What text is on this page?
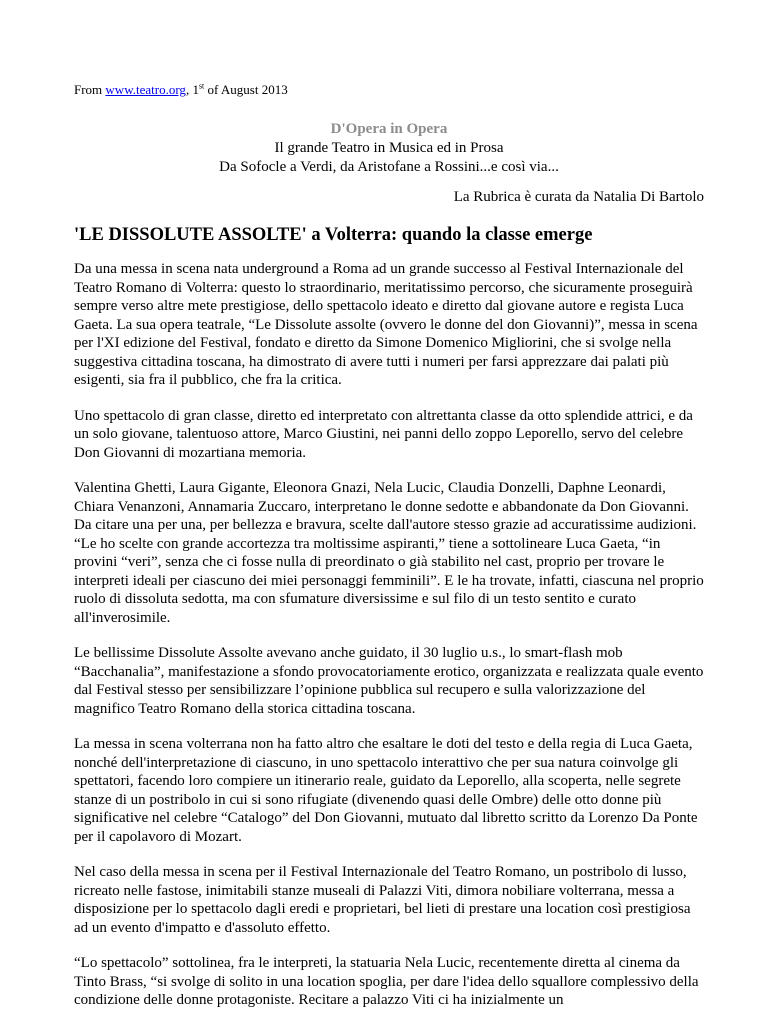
From www.teatro.org, 1st of August 2013

D'Opera in Opera
Il grande Teatro in Musica ed in Prosa
Da Sofocle a Verdi, da Aristofane a Rossini...e così via...

La Rubrica è curata da Natalia Di Bartolo

'LE DISSOLUTE ASSOLTE' a Volterra: quando la classe emerge

Da una messa in scena nata underground a Roma ad un grande successo al Festival Internazionale del Teatro Romano di Volterra: questo lo straordinario, meritatissimo percorso, che sicuramente proseguirà sempre verso altre mete prestigiose, dello spettacolo ideato e diretto dal giovane autore e regista Luca Gaeta. La sua opera teatrale, “Le Dissolute assolte (ovvero le donne del don Giovanni)”, messa in scena per l'XI edizione del Festival, fondato e diretto da Simone Domenico Migliorini, che si svolge nella suggestiva cittadina toscana, ha dimostrato di avere tutti i numeri per farsi apprezzare dai palati più esigenti, sia fra il pubblico, che fra la critica.

Uno spettacolo di gran classe, diretto ed interpretato con altrettanta classe da otto splendide attrici, e da un solo giovane, talentuoso attore, Marco Giustini, nei panni dello zoppo Leporello, servo del celebre Don Giovanni di mozartiana memoria.

Valentina Ghetti, Laura Gigante, Eleonora Gnazi, Nela Lucic, Claudia Donzelli, Daphne Leonardi, Chiara Venanzoni, Annamaria Zuccaro, interpretano le donne sedotte e abbandonate da Don Giovanni. Da citare una per una, per bellezza e bravura, scelte dall'autore stesso grazie ad accuratissime audizioni. “Le ho scelte con grande accortezza tra moltissime aspiranti,” tiene a sottolineare Luca Gaeta, “in provini “veri”, senza che ci fosse nulla di preordinato o già stabilito nel cast, proprio per trovare le interpreti ideali per ciascuno dei miei personaggi femminili”. E le ha trovate, infatti, ciascuna nel proprio ruolo di dissoluta sedotta, ma con sfumature diversissime e sul filo di un testo sentito e curato all'inverosimile.

Le bellissime Dissolute Assolte avevano anche guidato, il 30 luglio u.s., lo smart-flash mob “Bacchanalia”, manifestazione a sfondo provocatoriamente erotico, organizzata e realizzata quale evento dal Festival stesso per sensibilizzare l’opinione pubblica sul recupero e sulla valorizzazione del magnifico Teatro Romano della storica cittadina toscana.

La messa in scena volterrana non ha fatto altro che esaltare le doti del testo e della regia di Luca Gaeta, nonché dell'interpretazione di ciascuno, in uno spettacolo interattivo che per sua natura coinvolge gli spettatori, facendo loro compiere un itinerario reale, guidato da Leporello, alla scoperta, nelle segrete stanze di un postribolo in cui si sono rifugiate (divenendo quasi delle Ombre) delle otto donne più significative nel celebre “Catalogo” del Don Giovanni, mutuato dal libretto scritto da Lorenzo Da Ponte per il capolavoro di Mozart.

Nel caso della messa in scena per il Festival Internazionale del Teatro Romano, un postribolo di lusso, ricreato nelle fastose, inimitabili stanze museali di Palazzi Viti, dimora nobiliare volterrana, messa a disposizione per lo spettacolo dagli eredi e proprietari, bel lieti di prestare una location così prestigiosa ad un evento d'impatto e d'assoluto effetto.

“Lo spettacolo” sottolinea, fra le interpreti, la statuaria Nela Lucic, recentemente diretta al cinema da Tinto Brass, “si svolge di solito in una location spoglia, per dare l'idea dello squallore complessivo della condizione delle donne protagoniste. Recitare a palazzo Viti ci ha inizialmente un
